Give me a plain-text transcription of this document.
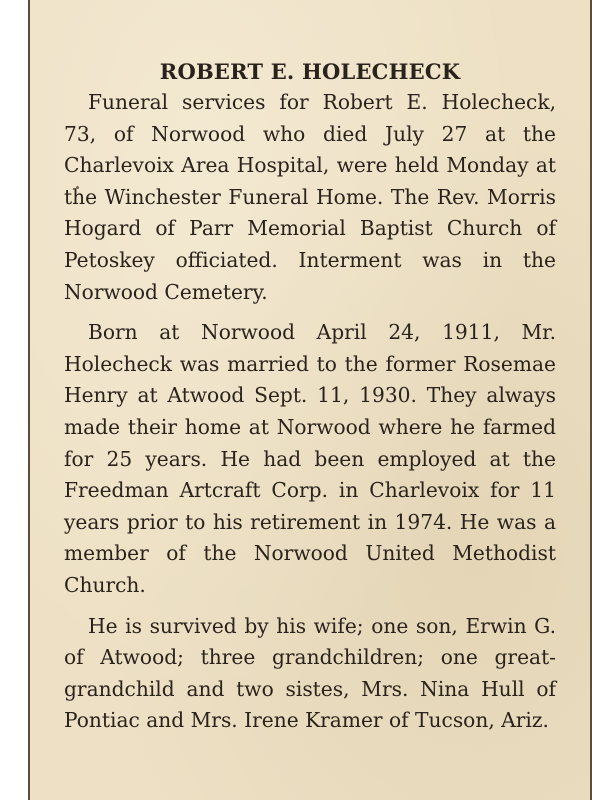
ROBERT E. HOLECHECK

Funeral services for Robert E. Holecheck, 73, of Norwood who died July 27 at the Charlevoix Area Hospital, were held Monday at the Winchester Funeral Home. The Rev. Morris Hogard of Parr Memorial Baptist Church of Petoskey officiated. Interment was in the Norwood Cemetery.

Born at Norwood April 24, 1911, Mr. Holecheck was married to the former Rosemae Henry at Atwood Sept. 11, 1930. They always made their home at Norwood where he farmed for 25 years. He had been employed at the Freedman Artcraft Corp. in Charlevoix for 11 years prior to his retirement in 1974. He was a member of the Norwood United Methodist Church.

He is survived by his wife; one son, Erwin G. of Atwood; three grandchildren; one great-grandchild and two sistes, Mrs. Nina Hull of Pontiac and Mrs. Irene Kramer of Tucson, Ariz.
